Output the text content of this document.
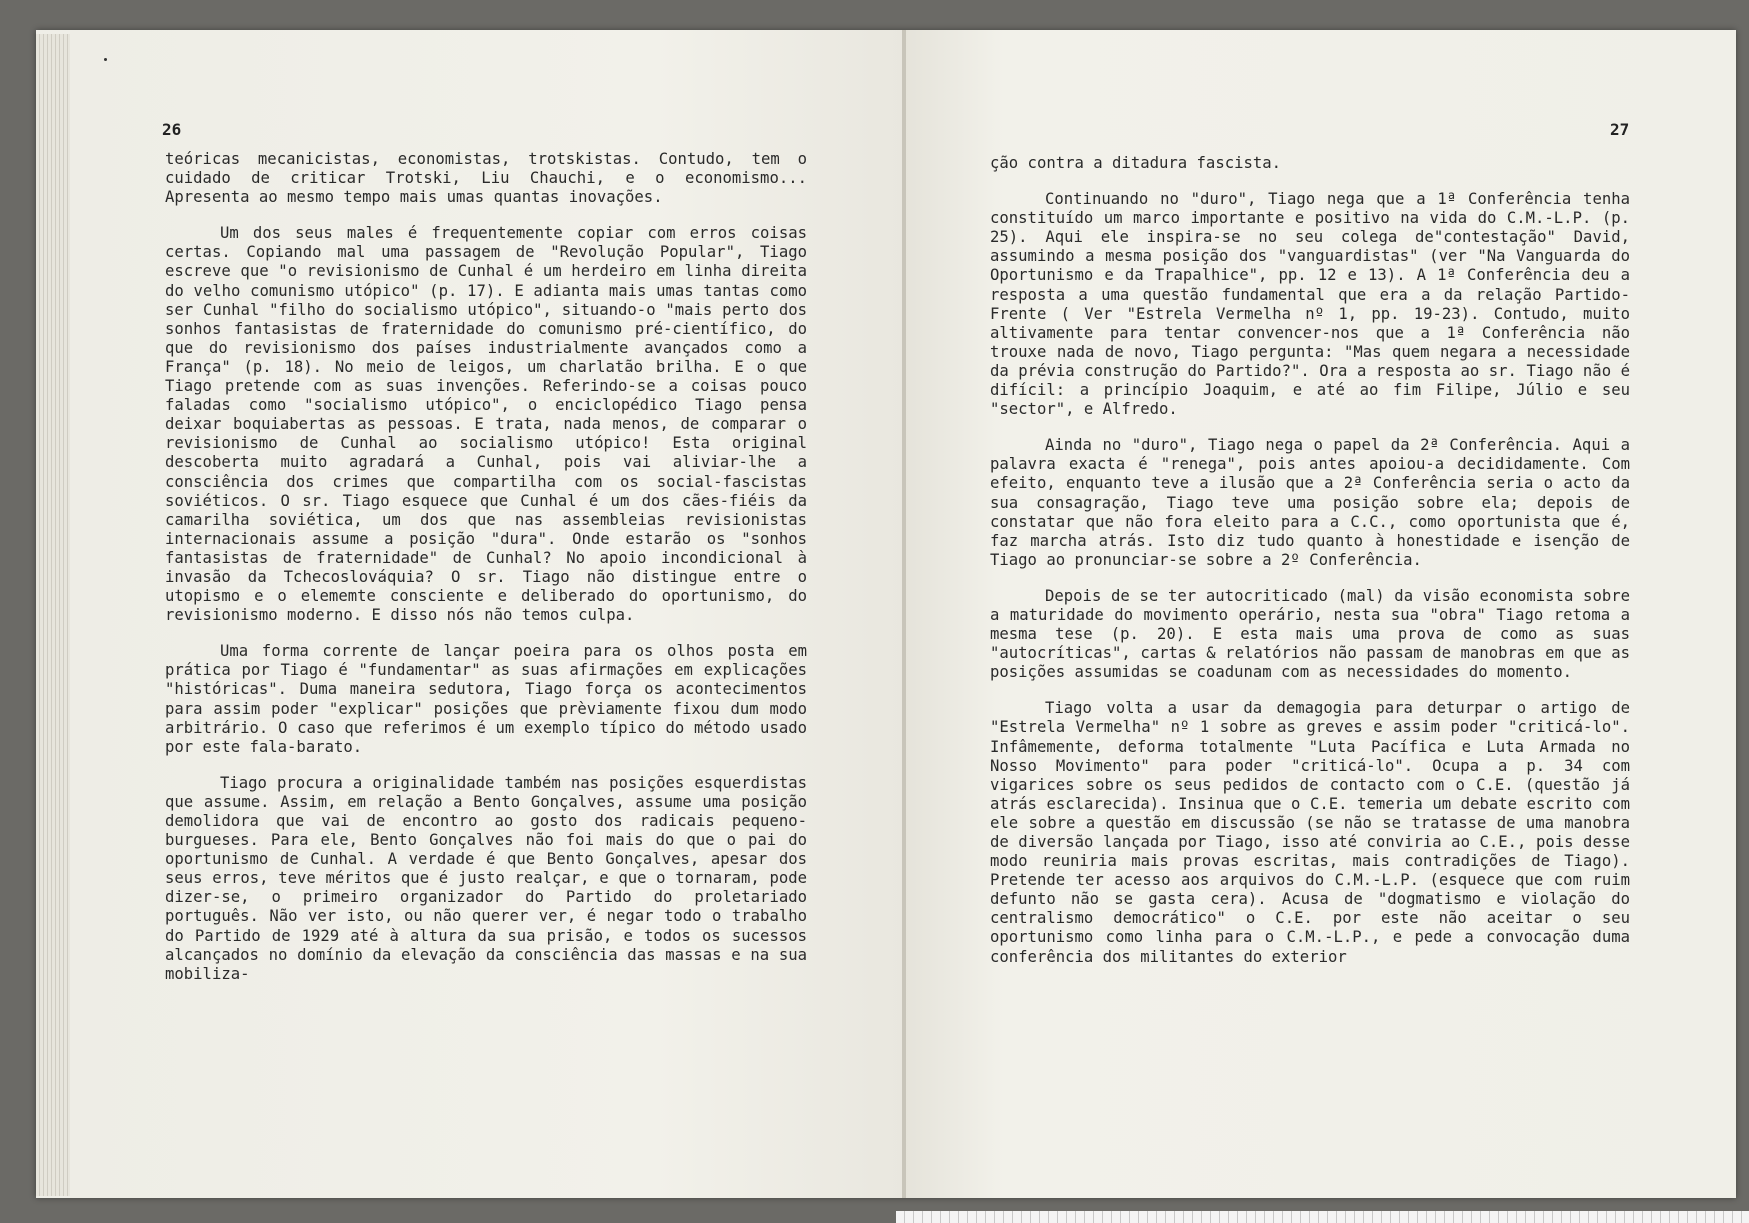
26	27

teóricas mecanicistas, economistas, trotskistas. Contudo, tem o cuidado de criticar Trotski, Liu Chauchi, e o economismo... Apresenta ao mesmo tempo mais umas quantas inovações.

Um dos seus males é frequentemente copiar com erros coisas certas. Copiando mal uma passagem de "Revolução Popular", Tiago escreve que "o revisionismo de Cunhal é um herdeiro em linha direita do velho comunismo utópico" (p. 17). E adianta mais umas tantas como ser Cunhal "filho do socialismo utópico", situando-o "mais perto dos sonhos fantasistas de fraternidade do comunismo pré-científico, do que do revisionismo dos países industrialmente avançados como a França" (p. 18). No meio de leigos, um charlatão brilha. E o que Tiago pretende com as suas invenções. Referindo-se a coisas pouco faladas como "socialismo utópico", o enciclopédico Tiago pensa deixar boquiabertas as pessoas. E trata, nada menos, de comparar o revisionismo de Cunhal ao socialismo utópico! Esta original descoberta muito agradará a Cunhal, pois vai aliviar-lhe a consciência dos crimes que compartilha com os social-fascistas soviéticos. O sr. Tiago esquece que Cunhal é um dos cães-fiéis da camarilha soviética, um dos que nas assembleias revisionistas internacionais assume a posição "dura". Onde estarão os "sonhos fantasistas de fraternidade" de Cunhal? No apoio incondicional à invasão da Tchecoslováquia? O sr. Tiago não distingue entre o utopismo e o elememte consciente e deliberado do oportunismo, do revisionismo moderno. E disso nós não temos culpa.

Uma forma corrente de lançar poeira para os olhos posta em prática por Tiago é "fundamentar" as suas afirmações em explicações "históricas". Duma maneira sedutora, Tiago força os acontecimentos para assim poder "explicar" posições que prèviamente fixou dum modo arbitrário. O caso que referimos é um exemplo típico do método usado por este fala-barato.

Tiago procura a originalidade também nas posições esquerdistas que assume. Assim, em relação a Bento Gonçalves, assume uma posição demolidora que vai de encontro ao gosto dos radicais pequeno-burgueses. Para ele, Bento Gonçalves não foi mais do que o pai do oportunismo de Cunhal. A verdade é que Bento Gonçalves, apesar dos seus erros, teve méritos que é justo realçar, e que o tornaram, pode dizer-se, o primeiro organizador do Partido do proletariado português. Não ver isto, ou não querer ver, é negar todo o trabalho do Partido de 1929 até à altura da sua prisão, e todos os sucessos alcançados no domínio da elevação da consciência das massas e na sua mobiliza-

ção contra a ditadura fascista.

Continuando no "duro", Tiago nega que a 1ª Conferência tenha constituído um marco importante e positivo na vida do C.M.-L.P. (p. 25). Aqui ele inspira-se no seu colega de"contestação" David, assumindo a mesma posição dos "vanguardistas" (ver "Na Vanguarda do Oportunismo e da Trapalhice", pp. 12 e 13). A 1ª Conferência deu a resposta a uma questão fundamental que era a da relação Partido-Frente ( Ver "Estrela Vermelha nº 1, pp. 19-23). Contudo, muito altivamente para tentar convencer-nos que a 1ª Conferência não trouxe nada de novo, Tiago pergunta: "Mas quem negara a necessidade da prévia construção do Partido?". Ora a resposta ao sr. Tiago não é difícil: a princípio Joaquim, e até ao fim Filipe, Júlio e seu "sector", e Alfredo.

Ainda no "duro", Tiago nega o papel da 2ª Conferência. Aqui a palavra exacta é "renega", pois antes apoiou-a decididamente. Com efeito, enquanto teve a ilusão que a 2ª Conferência seria o acto da sua consagração, Tiago teve uma posição sobre ela; depois de constatar que não fora eleito para a C.C., como oportunista que é, faz marcha atrás. Isto diz tudo quanto à honestidade e isenção de Tiago ao pronunciar-se sobre a 2º Conferência.

Depois de se ter autocriticado (mal) da visão economista sobre a maturidade do movimento operário, nesta sua "obra" Tiago retoma a mesma tese (p. 20). E esta mais uma prova de como as suas "autocríticas", cartas & relatórios não passam de manobras em que as posições assumidas se coadunam com as necessidades do momento.

Tiago volta a usar da demagogia para deturpar o artigo de "Estrela Vermelha" nº 1 sobre as greves e assim poder "criticá-lo". Infâmemente, deforma totalmente "Luta Pacífica e Luta Armada no Nosso Movimento" para poder "criticá-lo". Ocupa a p. 34 com vigarices sobre os seus pedidos de contacto com o C.E. (questão já atrás esclarecida). Insinua que o C.E. temeria um debate escrito com ele sobre a questão em discussão (se não se tratasse de uma manobra de diversão lançada por Tiago, isso até conviria ao C.E., pois desse modo reuniria mais provas escritas, mais contradições de Tiago). Pretende ter acesso aos arquivos do C.M.-L.P. (esquece que com ruim defunto não se gasta cera). Acusa de "dogmatismo e violação do centralismo democrático" o C.E. por este não aceitar o seu oportunismo como linha para o C.M.-L.P., e pede a convocação duma conferência dos militantes do exterior
